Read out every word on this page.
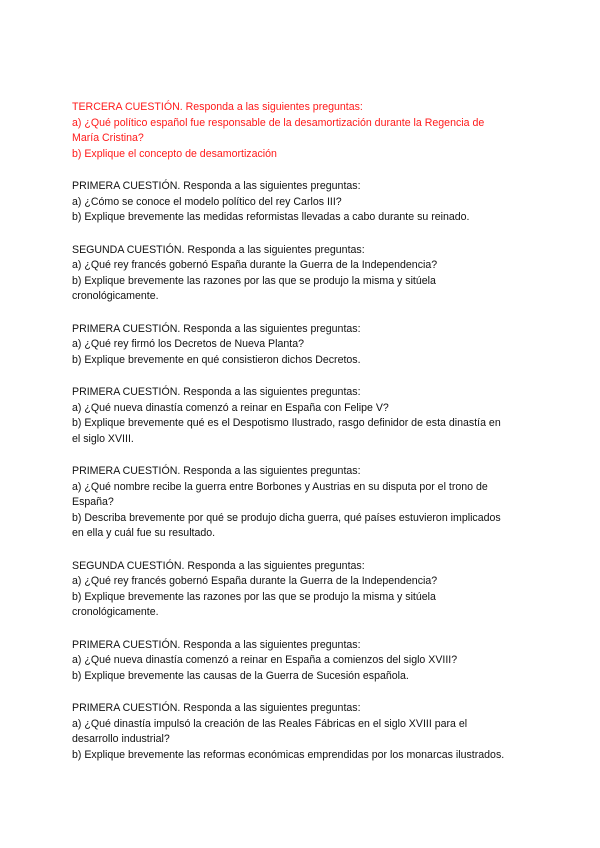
TERCERA CUESTIÓN. Responda a las siguientes preguntas:
a) ¿Qué político español fue responsable de la desamortización durante la Regencia de
María Cristina?
b) Explique el concepto de desamortización
PRIMERA CUESTIÓN. Responda a las siguientes preguntas:
a) ¿Cómo se conoce el modelo político del rey Carlos III?
b) Explique brevemente las medidas reformistas llevadas a cabo durante su reinado.
SEGUNDA CUESTIÓN. Responda a las siguientes preguntas:
a) ¿Qué rey francés gobernó España durante la Guerra de la Independencia?
b) Explique brevemente las razones por las que se produjo la misma y sitúela
cronológicamente.
PRIMERA CUESTIÓN. Responda a las siguientes preguntas:
a) ¿Qué rey firmó los Decretos de Nueva Planta?
b) Explique brevemente en qué consistieron dichos Decretos.
PRIMERA CUESTIÓN. Responda a las siguientes preguntas:
a) ¿Qué nueva dinastía comenzó a reinar en España con Felipe V?
b) Explique brevemente qué es el Despotismo Ilustrado, rasgo definidor de esta dinastía en
el siglo XVIII.
PRIMERA CUESTIÓN. Responda a las siguientes preguntas:
a) ¿Qué nombre recibe la guerra entre Borbones y Austrias en su disputa por el trono de
España?
b) Describa brevemente por qué se produjo dicha guerra, qué países estuvieron implicados
en ella y cuál fue su resultado.
SEGUNDA CUESTIÓN. Responda a las siguientes preguntas:
a) ¿Qué rey francés gobernó España durante la Guerra de la Independencia?
b) Explique brevemente las razones por las que se produjo la misma y sitúela
cronológicamente.
PRIMERA CUESTIÓN. Responda a las siguientes preguntas:
a) ¿Qué nueva dinastía comenzó a reinar en España a comienzos del siglo XVIII?
b) Explique brevemente las causas de la Guerra de Sucesión española.
PRIMERA CUESTIÓN. Responda a las siguientes preguntas:
a) ¿Qué dinastía impulsó la creación de las Reales Fábricas en el siglo XVIII para el
desarrollo industrial?
b) Explique brevemente las reformas económicas emprendidas por los monarcas ilustrados.
